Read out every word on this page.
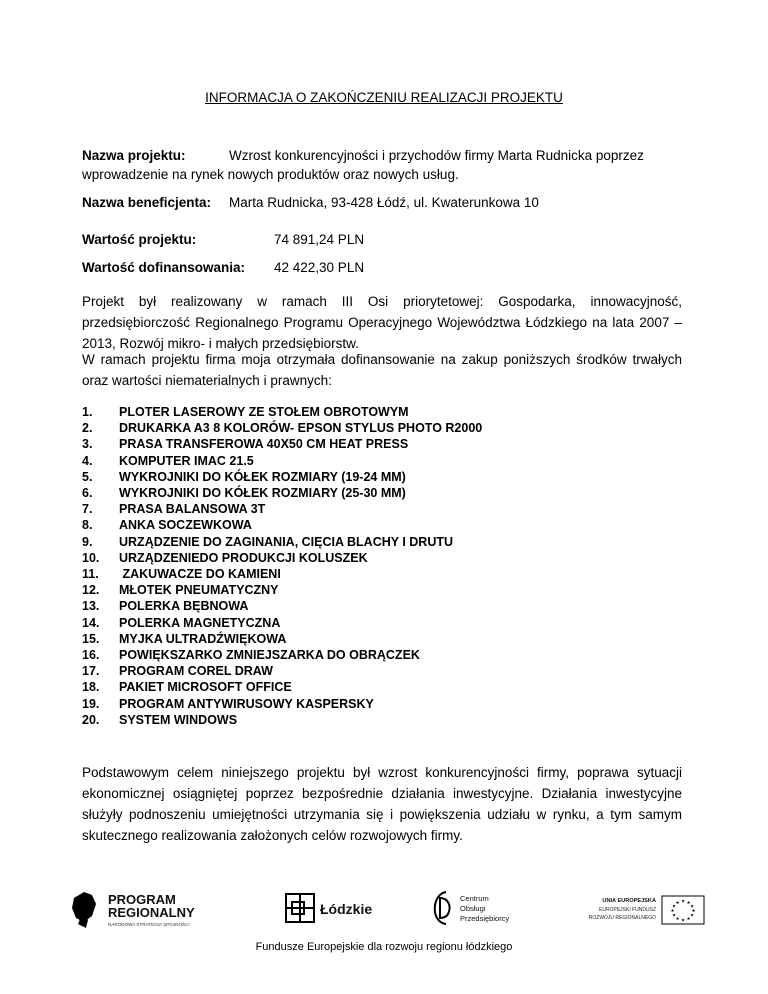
INFORMACJA O ZAKOŃCZENIU REALIZACJI PROJEKTU
Nazwa projektu:	Wzrost konkurencyjności i przychodów firmy Marta Rudnicka poprzez wprowadzenie na rynek nowych produktów oraz nowych usług.
Nazwa beneficjenta: Marta Rudnicka, 93-428 Łódź, ul. Kwaterunkowa 10
Wartość projektu:	74 891,24 PLN
Wartość dofinansowania: 42 422,30 PLN

Projekt był realizowany w ramach III Osi priorytetowej: Gospodarka, innowacyjność, przedsiębiorczość Regionalnego Programu Operacyjnego Województwa Łódzkiego na lata 2007 – 2013, Rozwój mikro- i małych przedsiębiorstw.

W ramach projektu firma moja otrzymała dofinansowanie na zakup poniższych środków trwałych oraz wartości niematerialnych i prawnych:

1. PLOTER LASEROWY ZE STOŁEM OBROTOWYM
2. DRUKARKA A3 8 KOLORÓW- EPSON STYLUS PHOTO R2000
3. PRASA TRANSFEROWA 40X50 CM HEAT PRESS
4. KOMPUTER IMAC 21.5
5. WYKROJNIKI DO KÓŁEK ROZMIARY (19-24 MM)
6. WYKROJNIKI DO KÓŁEK ROZMIARY (25-30 MM)
7. PRASA BALANSOWA 3T
8. ANKA SOCZEWKOWA
9. URZĄDZENIE DO ZAGINANIA, CIĘCIA BLACHY I DRUTU
10. URZĄDZENIEDO PRODUKCJI KOLUSZEK
11. ZAKUWACZE DO KAMIENI
12. MŁOTEK PNEUMATYCZNY
13. POLERKA BĘBNOWA
14. POLERKA MAGNETYCZNA
15. MYJKA ULTRADŹWIĘKOWA
16. POWIĘKSZARKO ZMNIEJSZARKA DO OBRĄCZEK
17. PROGRAM COREL DRAW
18. PAKIET MICROSOFT OFFICE
19. PROGRAM ANTYWIRUSOWY KASPERSKY
20. SYSTEM WINDOWS

Podstawowym celem niniejszego projektu był wzrost konkurencyjności firmy, poprawa sytuacji ekonomicznej osiągniętej poprzez bezpośrednie działania inwestycyjne. Działania inwestycyjne służyły podnoszeniu umiejętności utrzymania się i powiększenia udziału w rynku, a tym samym skutecznego realizowania założonych celów rozwojowych firmy.

PROGRAM
REGIONALNY
NARODOWA STRATEGIA SPÓJNOŚCI
Łódzkie
Centrum
Obsługi
Przedsiębiorcy
UNIA EUROPEJSKA
EUROPEJSKI FUNDUSZ
ROZWOJU REGIONALNEGO
★ ★
★
★
★
★
★
★
★
★
★
★
Fundusze Europejskie dla rozwoju regionu łódzkiego
